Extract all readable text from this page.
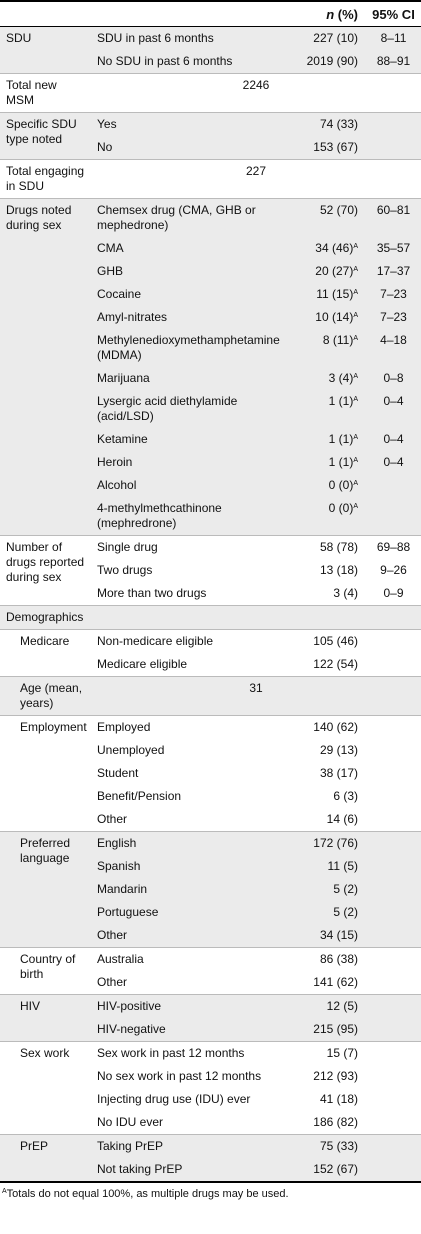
		n (%)	95% CI
SDU	SDU in past 6 months	227 (10)	8–11
	No SDU in past 6 months	2019 (90)	88–91
Total new MSM	2246		
Specific SDU type noted	Yes	74 (33)	
	No	153 (67)	
Total engaging in SDU	227		
Drugs noted during sex	Chemsex drug (CMA, GHB or mephedrone)	52 (70)	60–81
	CMA	34 $(46)^A$	35–57
	GHB	20 $(27)^A$	17–37
	Cocaine	11 $(15)^A$	7–23
	Amyl-nitrates	10 $(14)^A$	7–23
	Methylenedioxymethamphetamine (MDMA)	8 $(11)^A$	4–18
	Marijuana	3 $(4)^A$	0–8
	Lysergic acid diethylamide (acid/LSD)	1 $(1)^A$	0–4
	Ketamine	1 $(1)^A$	0–4
	Heroin	1 $(1)^A$	0–4
	Alcohol	0 $(0)^A$	
	4-methylmethcathinone (mephredrone)	0 $(0)^A$	
Number of drugs reported during sex	Single drug	58 (78)	69–88
	Two drugs	13 (18)	9–26
	More than two drugs	3 (4)	0–9
Demographics			
Medicare	Non-medicare eligible	105 (46)	
	Medicare eligible	122 (54)	
Age (mean, years)	31		
Employment	Employed	140 (62)	
	Unemployed	29 (13)	
	Student	38 (17)	
	Benefit/Pension	6 (3)	
	Other	14 (6)	
Preferred language	English	172 (76)	
	Spanish	11 (5)	
	Mandarin	5 (2)	
	Portuguese	5 (2)	
	Other	34 (15)	
Country of birth	Australia	86 (38)	
	Other	141 (62)	
HIV	HIV-positive	12 (5)	
	HIV-negative	215 (95)	
Sex work	Sex work in past 12 months	15 (7)	
	No sex work in past 12 months	212 (93)	
	Injecting drug use (IDU) ever	41 (18)	
	No IDU ever	186 (82)	
PrEP	Taking PrEP	75 (33)	
	Not taking PrEP	152 (67)	
$^A$Totals do not equal 100%, as multiple drugs may be used.
